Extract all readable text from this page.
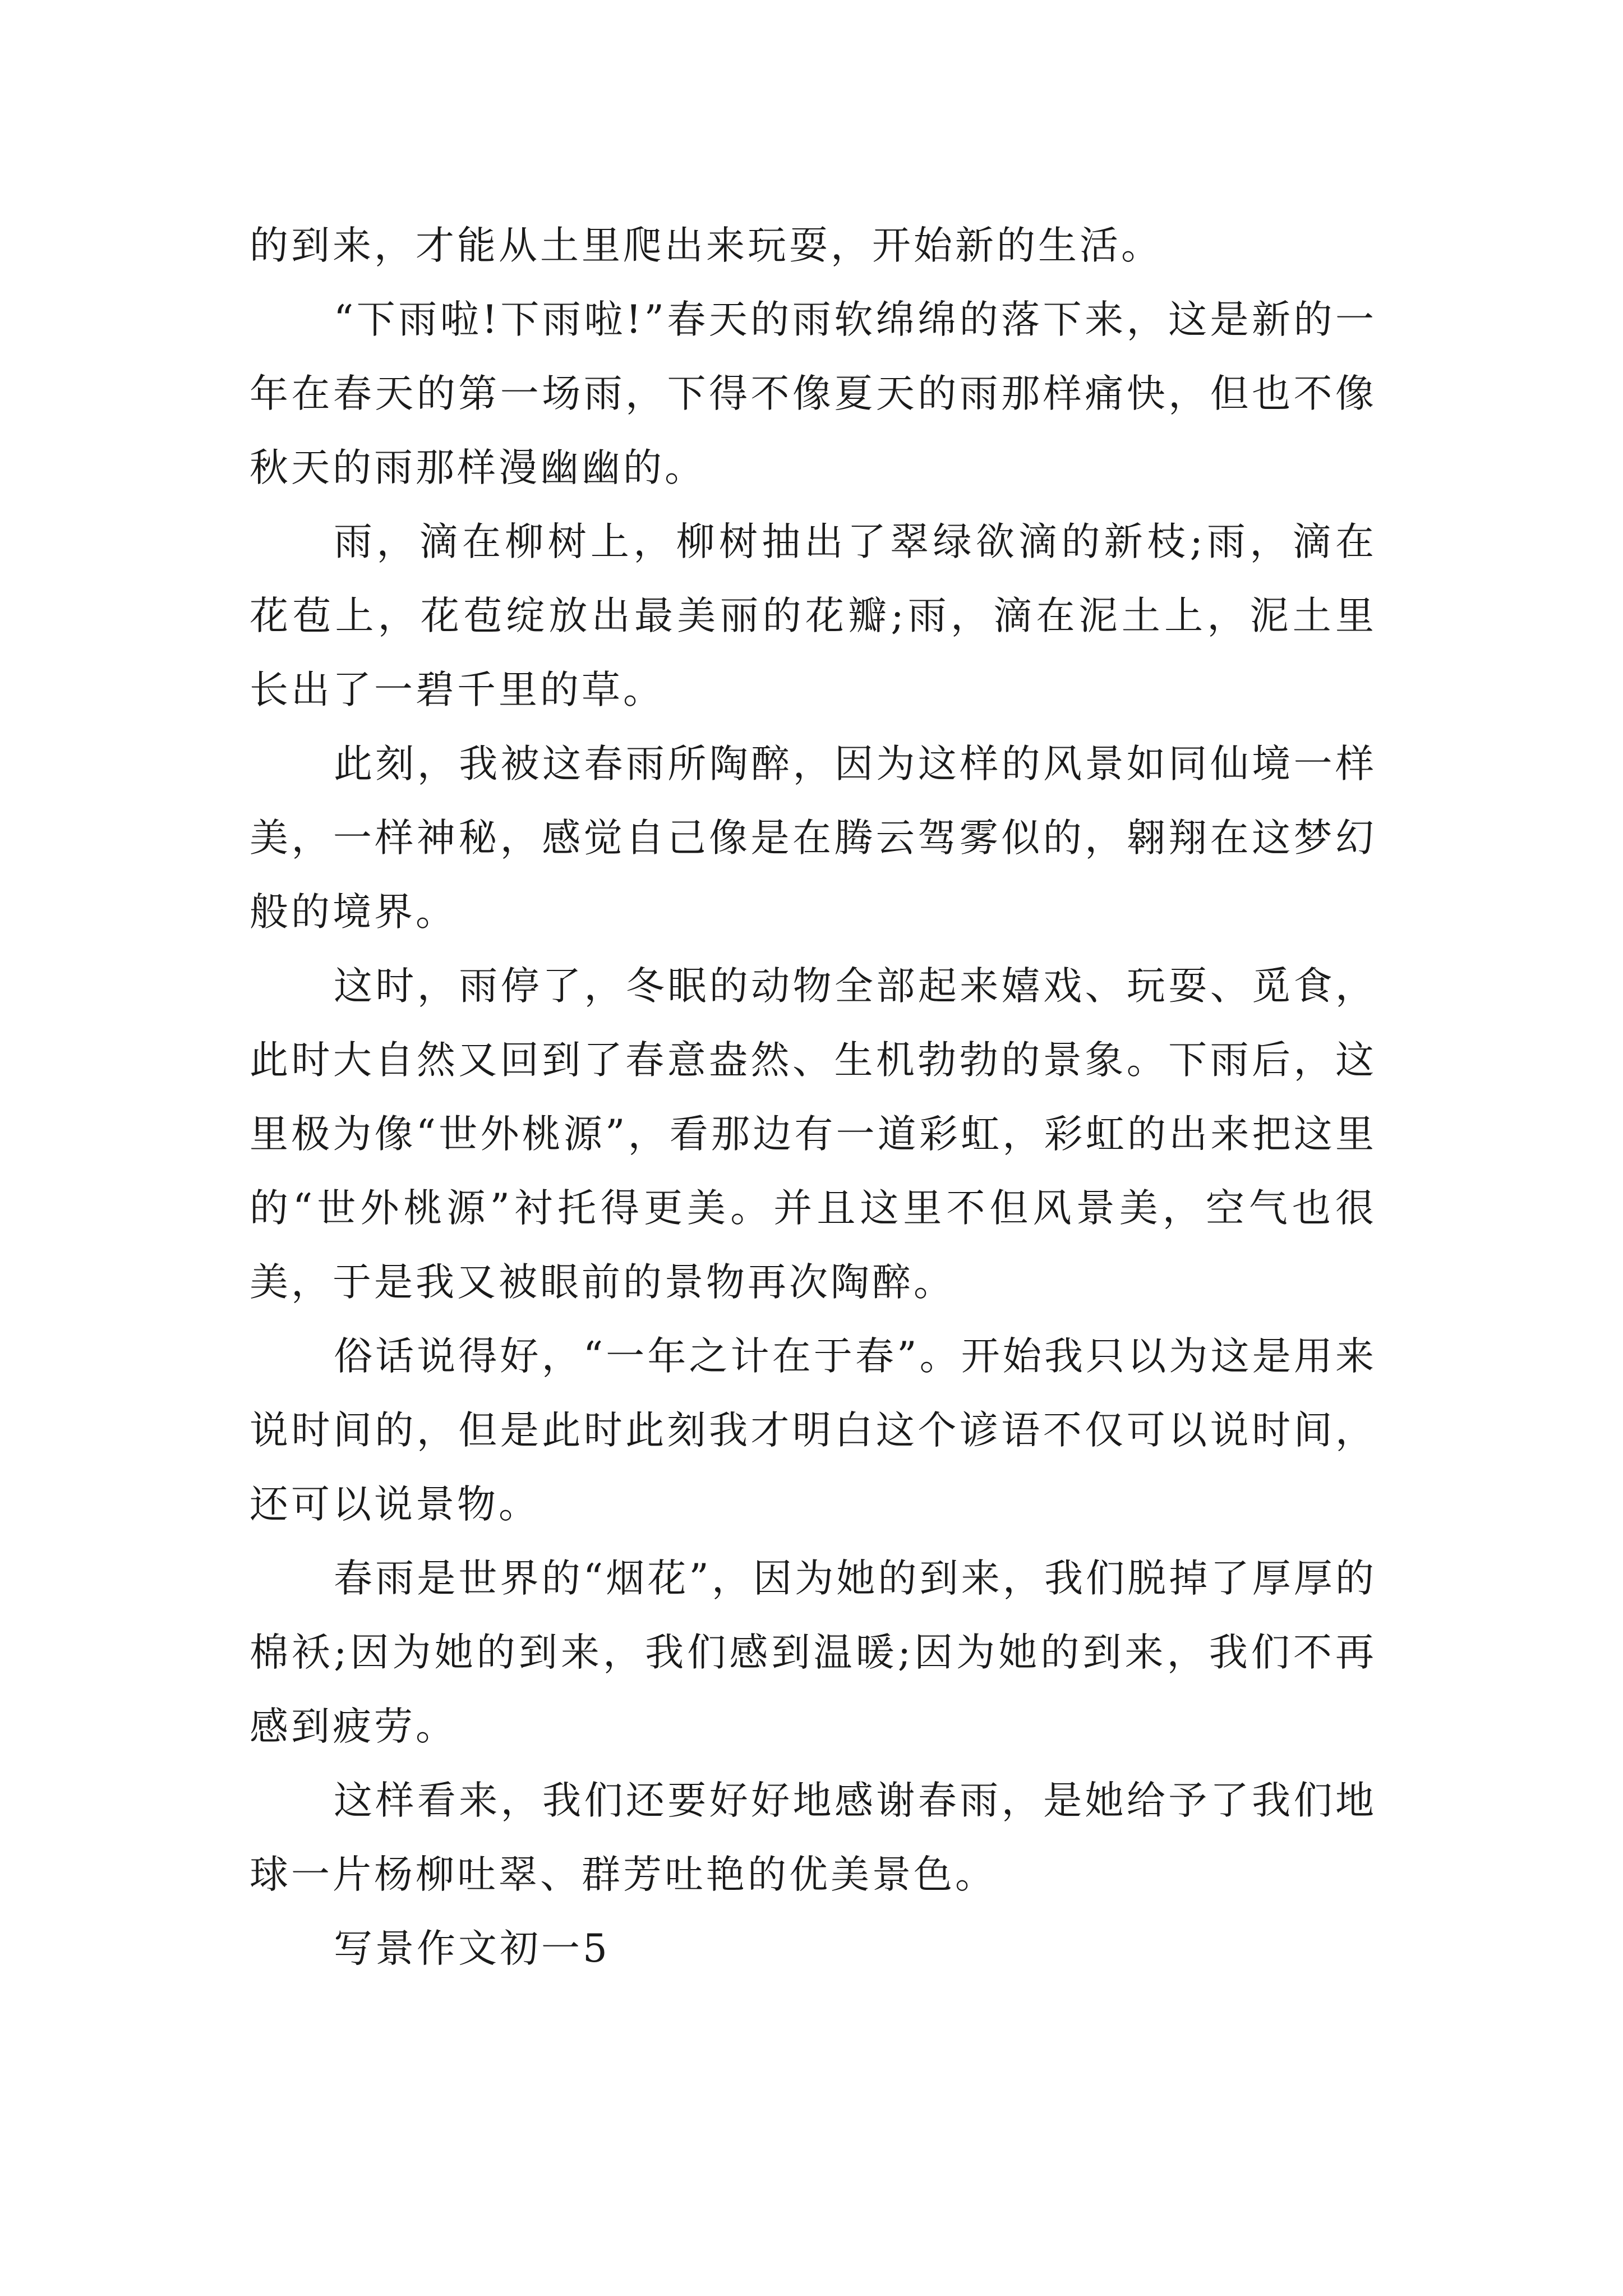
的到来，才能从土里爬出来玩耍，开始新的生活。

“下雨啦!下雨啦!”春天的雨软绵绵的落下来，这是新的一年在春天的第一场雨，下得不像夏天的雨那样痛快，但也不像秋天的雨那样漫幽幽的。

雨，滴在柳树上，柳树抽出了翠绿欲滴的新枝;雨，滴在花苞上，花苞绽放出最美丽的花瓣;雨，滴在泥土上，泥土里长出了一碧千里的草。

此刻，我被这春雨所陶醉，因为这样的风景如同仙境一样美，一样神秘，感觉自己像是在腾云驾雾似的，翱翔在这梦幻般的境界。

这时，雨停了，冬眠的动物全部起来嬉戏、玩耍、觅食，此时大自然又回到了春意盎然、生机勃勃的景象。下雨后，这里极为像“世外桃源”，看那边有一道彩虹，彩虹的出来把这里的“世外桃源”衬托得更美。并且这里不但风景美，空气也很美，于是我又被眼前的景物再次陶醉。

俗话说得好，“一年之计在于春”。开始我只以为这是用来说时间的，但是此时此刻我才明白这个谚语不仅可以说时间，还可以说景物。

春雨是世界的“烟花”，因为她的到来，我们脱掉了厚厚的棉袄;因为她的到来，我们感到温暖;因为她的到来，我们不再感到疲劳。

这样看来，我们还要好好地感谢春雨，是她给予了我们地球一片杨柳吐翠、群芳吐艳的优美景色。

写景作文初一5
